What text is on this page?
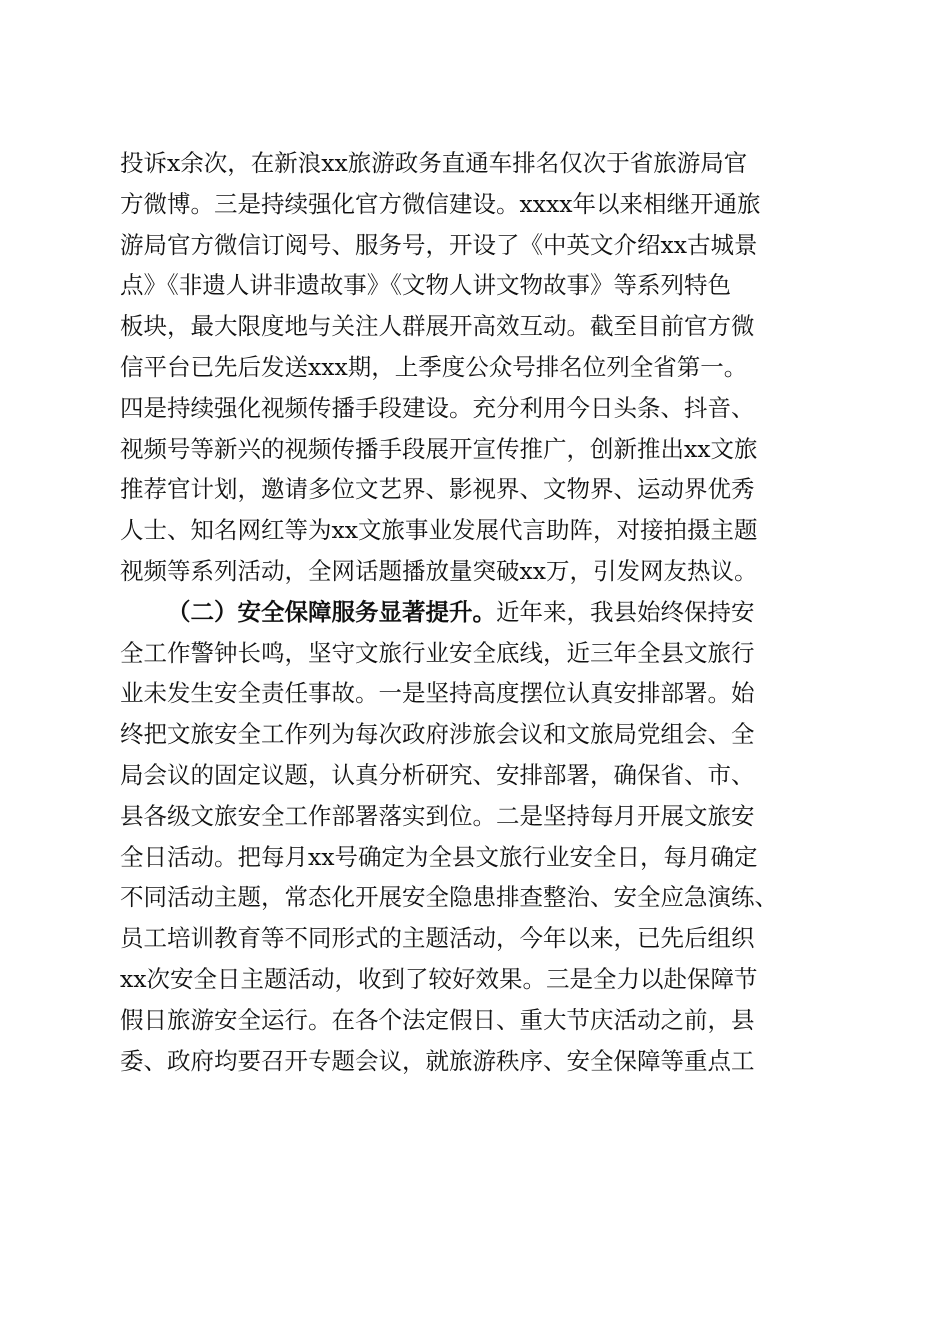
投诉x余次，在新浪xx旅游政务直通车排名仅次于省旅游局官
方微博。三是持续强化官方微信建设。xxxx年以来相继开通旅
游局官方微信订阅号、服务号，开设了《中英文介绍xx古城景
点》《非遗人讲非遗故事》《文物人讲文物故事》等系列特色
板块，最大限度地与关注人群展开高效互动。截至目前官方微
信平台已先后发送xxx期，上季度公众号排名位列全省第一。
四是持续强化视频传播手段建设。充分利用今日头条、抖音、
视频号等新兴的视频传播手段展开宣传推广，创新推出xx文旅
推荐官计划，邀请多位文艺界、影视界、文物界、运动界优秀
人士、知名网红等为xx文旅事业发展代言助阵，对接拍摄主题
视频等系列活动，全网话题播放量突破xx万，引发网友热议。
（二）安全保障服务显著提升。近年来，我县始终保持安
全工作警钟长鸣，坚守文旅行业安全底线，近三年全县文旅行
业未发生安全责任事故。一是坚持高度摆位认真安排部署。始
终把文旅安全工作列为每次政府涉旅会议和文旅局党组会、全
局会议的固定议题，认真分析研究、安排部署，确保省、市、
县各级文旅安全工作部署落实到位。二是坚持每月开展文旅安
全日活动。把每月xx号确定为全县文旅行业安全日，每月确定
不同活动主题，常态化开展安全隐患排查整治、安全应急演练、
员工培训教育等不同形式的主题活动，今年以来，已先后组织
xx次安全日主题活动，收到了较好效果。三是全力以赴保障节
假日旅游安全运行。在各个法定假日、重大节庆活动之前，县
委、政府均要召开专题会议，就旅游秩序、安全保障等重点工
